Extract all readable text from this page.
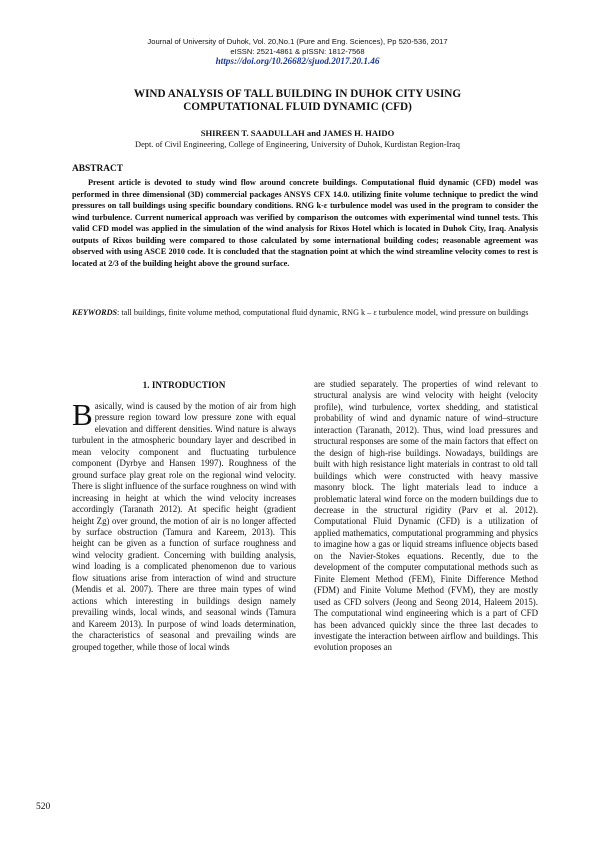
Journal of University of Duhok, Vol. 20,No.1 (Pure and Eng. Sciences), Pp 520-536, 2017
eISSN: 2521-4861 & pISSN: 1812-7568
https://doi.org/10.26682/sjuod.2017.20.1.46
WIND ANALYSIS OF TALL BUILDING IN DUHOK CITY USING
COMPUTATIONAL FLUID DYNAMIC (CFD)
SHIREEN T. SAADULLAH and JAMES H. HAIDO
Dept. of Civil Engineering, College of Engineering, University of Duhok, Kurdistan Region-Iraq
ABSTRACT
Present article is devoted to study wind flow around concrete buildings. Computational fluid dynamic (CFD) model was performed in three dimensional (3D) commercial packages ANSYS CFX 14.0. utilizing finite volume technique to predict the wind pressures on tall buildings using specific boundary conditions. RNG k-ε turbulence model was used in the program to consider the wind turbulence. Current numerical approach was verified by comparison the outcomes with experimental wind tunnel tests. This valid CFD model was applied in the simulation of the wind analysis for Rixos Hotel which is located in Duhok City, Iraq. Analysis outputs of Rixos building were compared to those calculated by some international building codes; reasonable agreement was observed with using ASCE 2010 code. It is concluded that the stagnation point at which the wind streamline velocity comes to rest is located at 2/3 of the building height above the ground surface.
KEYWORDS: tall buildings, finite volume method, computational fluid dynamic, RNG k – ε turbulence model, wind pressure on buildings
1. INTRODUCTION

Basically, wind is caused by the motion of air from high pressure region toward low pressure zone with equal elevation and different densities. Wind nature is always turbulent in the atmospheric boundary layer and described in mean velocity component and fluctuating turbulence component (Dyrbye and Hansen 1997). Roughness of the ground surface play great role on the regional wind velocity. There is slight influence of the surface roughness on wind with increasing in height at which the wind velocity increases accordingly (Taranath 2012). At specific height (gradient height Zg) over ground, the motion of air is no longer affected by surface obstruction (Tamura and Kareem, 2013). This height can be given as a function of surface roughness and wind velocity gradient. Concerning with building analysis, wind loading is a complicated phenomenon due to various flow situations arise from interaction of wind and structure (Mendis et al. 2007). There are three main types of wind actions which interesting in buildings design namely prevailing winds, local winds, and seasonal winds (Tamura and Kareem 2013). In purpose of wind loads determination, the characteristics of seasonal and prevailing winds are grouped together, while those of local winds

are studied separately. The properties of wind relevant to structural analysis are wind velocity with height (velocity profile), wind turbulence, vortex shedding, and statistical probability of wind and dynamic nature of wind–structure interaction (Taranath, 2012). Thus, wind load pressures and structural responses are some of the main factors that effect on the design of high-rise buildings. Nowadays, buildings are built with high resistance light materials in contrast to old tall buildings which were constructed with heavy massive masonry block. The light materials lead to induce a problematic lateral wind force on the modern buildings due to decrease in the structural rigidity (Parv et al. 2012). Computational Fluid Dynamic (CFD) is a utilization of applied mathematics, computational programming and physics to imagine how a gas or liquid streams influence objects based on the Navier-Stokes equations. Recently, due to the development of the computer computational methods such as Finite Element Method (FEM), Finite Difference Method (FDM) and Finite Volume Method (FVM), they are mostly used as CFD solvers (Jeong and Seong 2014, Haleem 2015). The computational wind engineering which is a part of CFD has been advanced quickly since the three last decades to investigate the interaction between airflow and buildings. This evolution proposes an

520
